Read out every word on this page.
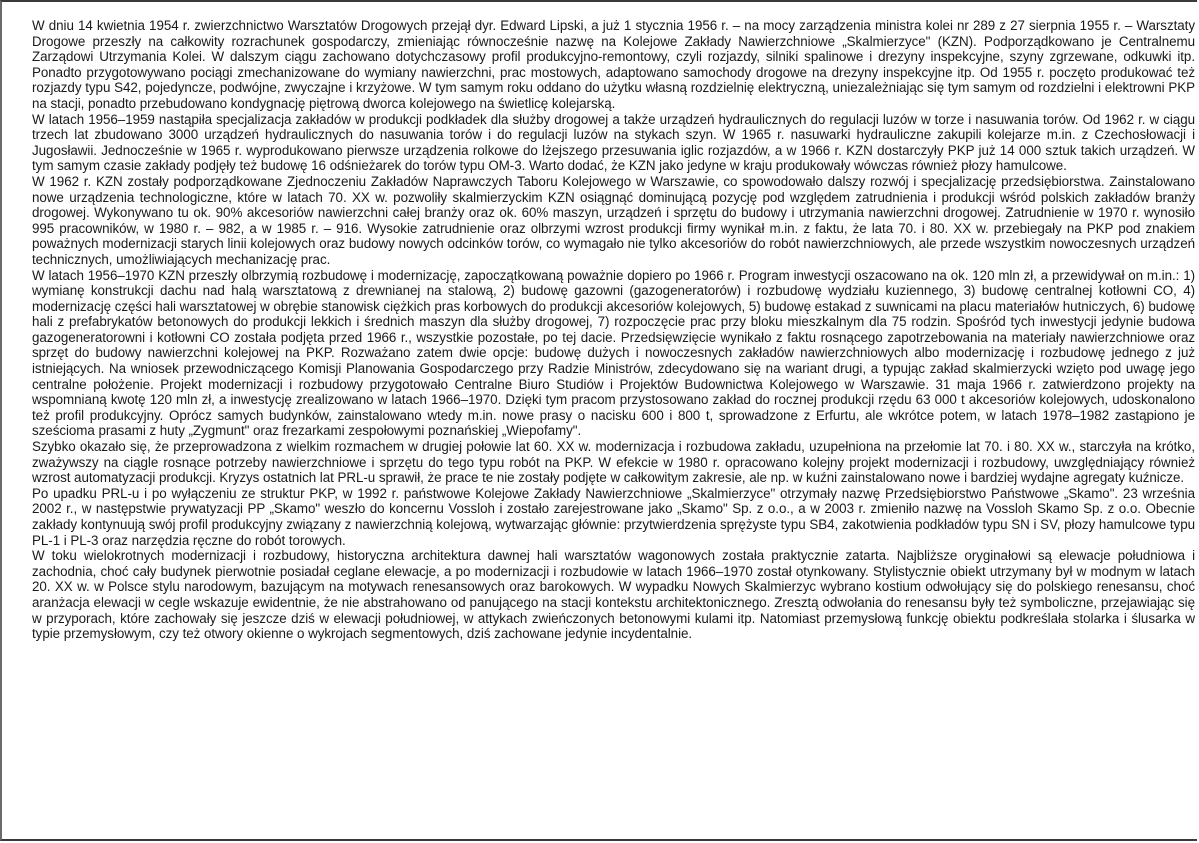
W dniu 14 kwietnia 1954 r. zwierzchnictwo Warsztatów Drogowych przejął dyr. Edward Lipski, a już 1 stycznia 1956 r. – na mocy zarządzenia ministra kolei nr 289 z 27 sierpnia 1955 r. – Warsztaty Drogowe przeszły na całkowity rozrachunek gospodarczy, zmieniając równocześnie nazwę na Kolejowe Zakłady Nawierzchniowe „Skalmierzyce" (KZN). Podporządkowano je Centralnemu Zarządowi Utrzymania Kolei. W dalszym ciągu zachowano dotychczasowy profil produkcyjno-remontowy, czyli rozjazdy, silniki spalinowe i drezyny inspekcyjne, szyny zgrzewane, odkuwki itp. Ponadto przygotowywano pociągi zmechanizowane do wymiany nawierzchni, prac mostowych, adaptowano samochody drogowe na drezyny inspekcyjne itp. Od 1955 r. poczęto produkować też rozjazdy typu S42, pojedyncze, podwójne, zwyczajne i krzyżowe. W tym samym roku oddano do użytku własną rozdzielnię elektryczną, uniezależniając się tym samym od rozdzielni i elektrowni PKP na stacji, ponadto przebudowano kondygnację piętrową dworca kolejowego na świetlicę kolejarską.

W latach 1956–1959 nastąpiła specjalizacja zakładów w produkcji podkładek dla służby drogowej a także urządzeń hydraulicznych do regulacji luzów w torze i nasuwania torów. Od 1962 r. w ciągu trzech lat zbudowano 3000 urządzeń hydraulicznych do nasuwania torów i do regulacji luzów na stykach szyn. W 1965 r. nasuwarki hydrauliczne zakupili kolejarze m.in. z Czechosłowacji i Jugosławii. Jednocześnie w 1965 r. wyprodukowano pierwsze urządzenia rolkowe do lżejszego przesuwania iglic rozjazdów, a w 1966 r. KZN dostarczyły PKP już 14 000 sztuk takich urządzeń. W tym samym czasie zakłady podjęły też budowę 16 odśnieżarek do torów typu OM-3. Warto dodać, że KZN jako jedyne w kraju produkowały wówczas również płozy hamulcowe.

W 1962 r. KZN zostały podporządkowane Zjednoczeniu Zakładów Naprawczych Taboru Kolejowego w Warszawie, co spowodowało dalszy rozwój i specjalizację przedsiębiorstwa. Zainstalowano nowe urządzenia technologiczne, które w latach 70. XX w. pozwoliły skalmierzyckim KZN osiągnąć dominującą pozycję pod względem zatrudnienia i produkcji wśród polskich zakładów branży drogowej. Wykonywano tu ok. 90% akcesoriów nawierzchni całej branży oraz ok. 60% maszyn, urządzeń i sprzętu do budowy i utrzymania nawierzchni drogowej. Zatrudnienie w 1970 r. wynosiło 995 pracowników, w 1980 r. – 982, a w 1985 r. – 916. Wysokie zatrudnienie oraz olbrzymi wzrost produkcji firmy wynikał m.in. z faktu, że lata 70. i 80. XX w. przebiegały na PKP pod znakiem poważnych modernizacji starych linii kolejowych oraz budowy nowych odcinków torów, co wymagało nie tylko akcesoriów do robót nawierzchniowych, ale przede wszystkim nowoczesnych urządzeń technicznych, umożliwiających mechanizację prac.

W latach 1956–1970 KZN przeszły olbrzymią rozbudowę i modernizację, zapoczątkowaną poważnie dopiero po 1966 r. Program inwestycji oszacowano na ok. 120 mln zł, a przewidywał on m.in.: 1) wymianę konstrukcji dachu nad halą warsztatową z drewnianej na stalową, 2) budowę gazowni (gazogeneratorów) i rozbudowę wydziału kuziennego, 3) budowę centralnej kotłowni CO, 4) modernizację części hali warsztatowej w obrębie stanowisk ciężkich pras korbowych do produkcji akcesoriów kolejowych, 5) budowę estakad z suwnicami na placu materiałów hutniczych, 6) budowę hali z prefabrykatów betonowych do produkcji lekkich i średnich maszyn dla służby drogowej, 7) rozpoczęcie prac przy bloku mieszkalnym dla 75 rodzin. Spośród tych inwestycji jedynie budowa gazogeneratorowni i kotłowni CO została podjęta przed 1966 r., wszystkie pozostałe, po tej dacie. Przedsięwzięcie wynikało z faktu rosnącego zapotrzebowania na materiały nawierzchniowe oraz sprzęt do budowy nawierzchni kolejowej na PKP. Rozważano zatem dwie opcje: budowę dużych i nowoczesnych zakładów nawierzchniowych albo modernizację i rozbudowę jednego z już istniejących. Na wniosek przewodniczącego Komisji Planowania Gospodarczego przy Radzie Ministrów, zdecydowano się na wariant drugi, a typując zakład skalmierzycki wzięto pod uwagę jego centralne położenie. Projekt modernizacji i rozbudowy przygotowało Centralne Biuro Studiów i Projektów Budownictwa Kolejowego w Warszawie. 31 maja 1966 r. zatwierdzono projekty na wspomnianą kwotę 120 mln zł, a inwestycję zrealizowano w latach 1966–1970. Dzięki tym pracom przystosowano zakład do rocznej produkcji rzędu 63 000 t akcesoriów kolejowych, udoskonalono też profil produkcyjny. Oprócz samych budynków, zainstalowano wtedy m.in. nowe prasy o nacisku 600 i 800 t, sprowadzone z Erfurtu, ale wkrótce potem, w latach 1978–1982 zastąpiono je sześcioma prasami z huty „Zygmunt" oraz frezarkami zespołowymi poznańskiej „Wiepofamy".

Szybko okazało się, że przeprowadzona z wielkim rozmachem w drugiej połowie lat 60. XX w. modernizacja i rozbudowa zakładu, uzupełniona na przełomie lat 70. i 80. XX w., starczyła na krótko, zważywszy na ciągle rosnące potrzeby nawierzchniowe i sprzętu do tego typu robót na PKP. W efekcie w 1980 r. opracowano kolejny projekt modernizacji i rozbudowy, uwzględniający również wzrost automatyzacji produkcji. Kryzys ostatnich lat PRL-u sprawił, że prace te nie zostały podjęte w całkowitym zakresie, ale np. w kuźni zainstalowano nowe i bardziej wydajne agregaty kuźnicze.

Po upadku PRL-u i po wyłączeniu ze struktur PKP, w 1992 r. państwowe Kolejowe Zakłady Nawierzchniowe „Skalmierzyce" otrzymały nazwę Przedsiębiorstwo Państwowe „Skamo". 23 września 2002 r., w następstwie prywatyzacji PP „Skamo" weszło do koncernu Vossloh i zostało zarejestrowane jako „Skamo" Sp. z o.o., a w 2003 r. zmieniło nazwę na Vossloh Skamo Sp. z o.o. Obecnie zakłady kontynuują swój profil produkcyjny związany z nawierzchnią kolejową, wytwarzając głównie: przytwierdzenia sprężyste typu SB4, zakotwienia podkładów typu SN i SV, płozy hamulcowe typu PL-1 i PL-3 oraz narzędzia ręczne do robót torowych.

W toku wielokrotnych modernizacji i rozbudowy, historyczna architektura dawnej hali warsztatów wagonowych została praktycznie zatarta. Najbliższe oryginałowi są elewacje południowa i zachodnia, choć cały budynek pierwotnie posiadał ceglane elewacje, a po modernizacji i rozbudowie w latach 1966–1970 został otynkowany. Stylistycznie obiekt utrzymany był w modnym w latach 20. XX w. w Polsce stylu narodowym, bazującym na motywach renesansowych oraz barokowych. W wypadku Nowych Skalmierzyc wybrano kostium odwołujący się do polskiego renesansu, choć aranżacja elewacji w cegle wskazuje ewidentnie, że nie abstrahowano od panującego na stacji kontekstu architektonicznego. Zresztą odwołania do renesansu były też symboliczne, przejawiając się w przyporach, które zachowały się jeszcze dziś w elewacji południowej, w attykach zwieńczonych betonowymi kulami itp. Natomiast przemysłową funkcję obiektu podkreślała stolarka i ślusarka w typie przemysłowym, czy też otwory okienne o wykrojach segmentowych, dziś zachowane jedynie incydentalnie.
